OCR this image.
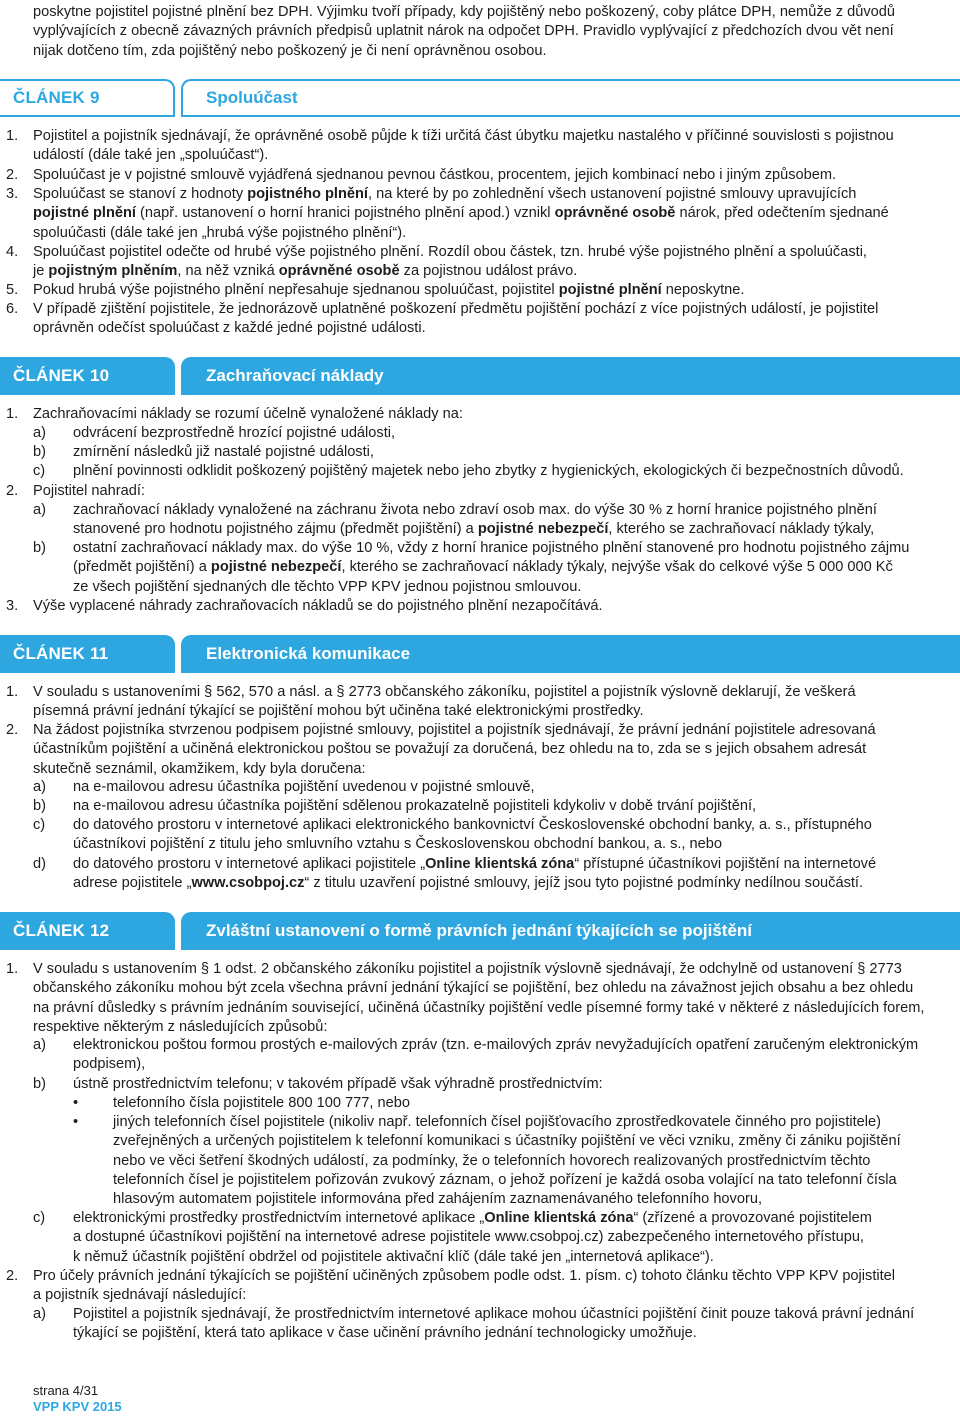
poskytne pojistitel pojistné plnění bez DPH. Výjimku tvoří případy, kdy pojištěný nebo poškozený, coby plátce DPH, nemůže z důvodů
vyplývajících z obecně závazných právních předpisů uplatnit nárok na odpočet DPH. Pravidlo vyplývající z předchozích dvou vět není
nijak dotčeno tím, zda pojištěný nebo poškozený je či není oprávněnou osobou.
ČLÁNEK 9	Spoluúčast
1.	Pojistitel a pojistník sjednávají, že oprávněné osobě půjde k tíži určitá část úbytku majetku nastalého v příčinné souvislosti s pojistnou
událostí (dále také jen „spoluúčast“).
2.	Spoluúčast je v pojistné smlouvě vyjádřená sjednanou pevnou částkou, procentem, jejich kombinací nebo i jiným způsobem.
3.	Spoluúčast se stanoví z hodnoty pojistného plnění, na které by po zohlednění všech ustanovení pojistné smlouvy upravujících
pojistné plnění (např. ustanovení o horní hranici pojistného plnění apod.) vznikl oprávněné osobě nárok, před odečtením sjednané
spoluúčasti (dále také jen „hrubá výše pojistného plnění“).
4.	Spoluúčast pojistitel odečte od hrubé výše pojistného plnění. Rozdíl obou částek, tzn. hrubé výše pojistného plnění a spoluúčasti,
je pojistným plněním, na něž vzniká oprávněné osobě za pojistnou událost právo.
5.	Pokud hrubá výše pojistného plnění nepřesahuje sjednanou spoluúčast, pojistitel pojistné plnění neposkytne.
6.	V případě zjištění pojistitele, že jednorázově uplatněné poškození předmětu pojištění pochází z více pojistných událostí, je pojistitel
oprávněn odečíst spoluúčast z každé jedné pojistné události.
ČLÁNEK 10	Zachraňovací náklady
1.	Zachraňovacími náklady se rozumí účelně vynaložené náklady na:
a) odvrácení bezprostředně hrozící pojistné události,
b) zmírnění následků již nastalé pojistné události,
c) plnění povinnosti odklidit poškozený pojištěný majetek nebo jeho zbytky z hygienických, ekologických či bezpečnostních důvodů.
2.	Pojistitel nahradí:
a) zachraňovací náklady vynaložené na záchranu života nebo zdraví osob max. do výše 30 % z horní hranice pojistného plnění
stanovené pro hodnotu pojistného zájmu (předmět pojištění) a pojistné nebezpečí, kterého se zachraňovací náklady týkaly,
b) ostatní zachraňovací náklady max. do výše 10 %, vždy z horní hranice pojistného plnění stanovené pro hodnotu pojistného zájmu
(předmět pojištění) a pojistné nebezpečí, kterého se zachraňovací náklady týkaly, nejvýše však do celkové výše 5 000 000 Kč
ze všech pojištění sjednaných dle těchto VPP KPV jednou pojistnou smlouvou.
3.	Výše vyplacené náhrady zachraňovacích nákladů se do pojistného plnění nezapočítává.
ČLÁNEK 11	Elektronická komunikace
1.	V souladu s ustanoveními § 562, 570 a násl. a § 2773 občanského zákoníku, pojistitel a pojistník výslovně deklarují, že veškerá
písemná právní jednání týkající se pojištění mohou být učiněna také elektronickými prostředky.
2.	Na žádost pojistníka stvrzenou podpisem pojistné smlouvy, pojistitel a pojistník sjednávají, že právní jednání pojistitele adresovaná
účastníkům pojištění a učiněná elektronickou poštou se považují za doručená, bez ohledu na to, zda se s jejich obsahem adresát
skutečně seznámil, okamžikem, kdy byla doručena:
a) na e-mailovou adresu účastníka pojištění uvedenou v pojistné smlouvě,
b) na e-mailovou adresu účastníka pojištění sdělenou prokazatelně pojistiteli kdykoliv v době trvání pojištění,
c) do datového prostoru v internetové aplikaci elektronického bankovnictví Československé obchodní banky, a. s., přístupného
účastníkovi pojištění z titulu jeho smluvního vztahu s Československou obchodní bankou, a. s., nebo
d) do datového prostoru v internetové aplikaci pojistitele „Online klientská zóna“ přístupné účastníkovi pojištění na internetové
adrese pojistitele „www.csobpoj.cz“ z titulu uzavření pojistné smlouvy, jejíž jsou tyto pojistné podmínky nedílnou součástí.
ČLÁNEK 12	Zvláštní ustanovení o formě právních jednání týkajících se pojištění
1.	V souladu s ustanovením § 1 odst. 2 občanského zákoníku pojistitel a pojistník výslovně sjednávají, že odchylně od ustanovení § 2773
občanského zákoníku mohou být zcela všechna právní jednání týkající se pojištění, bez ohledu na závažnost jejich obsahu a bez ohledu
na právní důsledky s právním jednáním související, učiněná účastníky pojištění vedle písemné formy také v některé z následujících forem,
respektive některým z následujících způsobů:
a) elektronickou poštou formou prostých e-mailových zpráv (tzn. e-mailových zpráv nevyžadujících opatření zaručeným elektronickým
podpisem),
b) ústně prostřednictvím telefonu; v takovém případě však výhradně prostřednictvím:
• telefonního čísla pojistitele 800 100 777, nebo
• jiných telefonních čísel pojistitele (nikoliv např. telefonních čísel pojišťovacího zprostředkovatele činného pro pojistitele)
zveřejněných a určených pojistitelem k telefonní komunikaci s účastníky pojištění ve věci vzniku, změny či zániku pojištění
nebo ve věci šetření škodných událostí, za podmínky, že o telefonních hovorech realizovaných prostřednictvím těchto
telefonních čísel je pojistitelem pořizován zvukový záznam, o jehož pořízení je každá osoba volající na tato telefonní čísla
hlasovým automatem pojistitele informována před zahájením zaznamenávaného telefonního hovoru,
c) elektronickými prostředky prostřednictvím internetové aplikace „Online klientská zóna“ (zřízené a provozované pojistitelem
a dostupné účastníkovi pojištění na internetové adrese pojistitele www.csobpoj.cz) zabezpečeného internetového přístupu,
k němuž účastník pojištění obdržel od pojistitele aktivační klíč (dále také jen „internetová aplikace“).
2.	Pro účely právních jednání týkajících se pojištění učiněných způsobem podle odst. 1. písm. c) tohoto článku těchto VPP KPV pojistitel
a pojistník sjednávají následující:
a) Pojistitel a pojistník sjednávají, že prostřednictvím internetové aplikace mohou účastníci pojištění činit pouze taková právní jednání
týkající se pojištění, která tato aplikace v čase učinění právního jednání technologicky umožňuje.
strana 4/31
VPP KPV 2015
